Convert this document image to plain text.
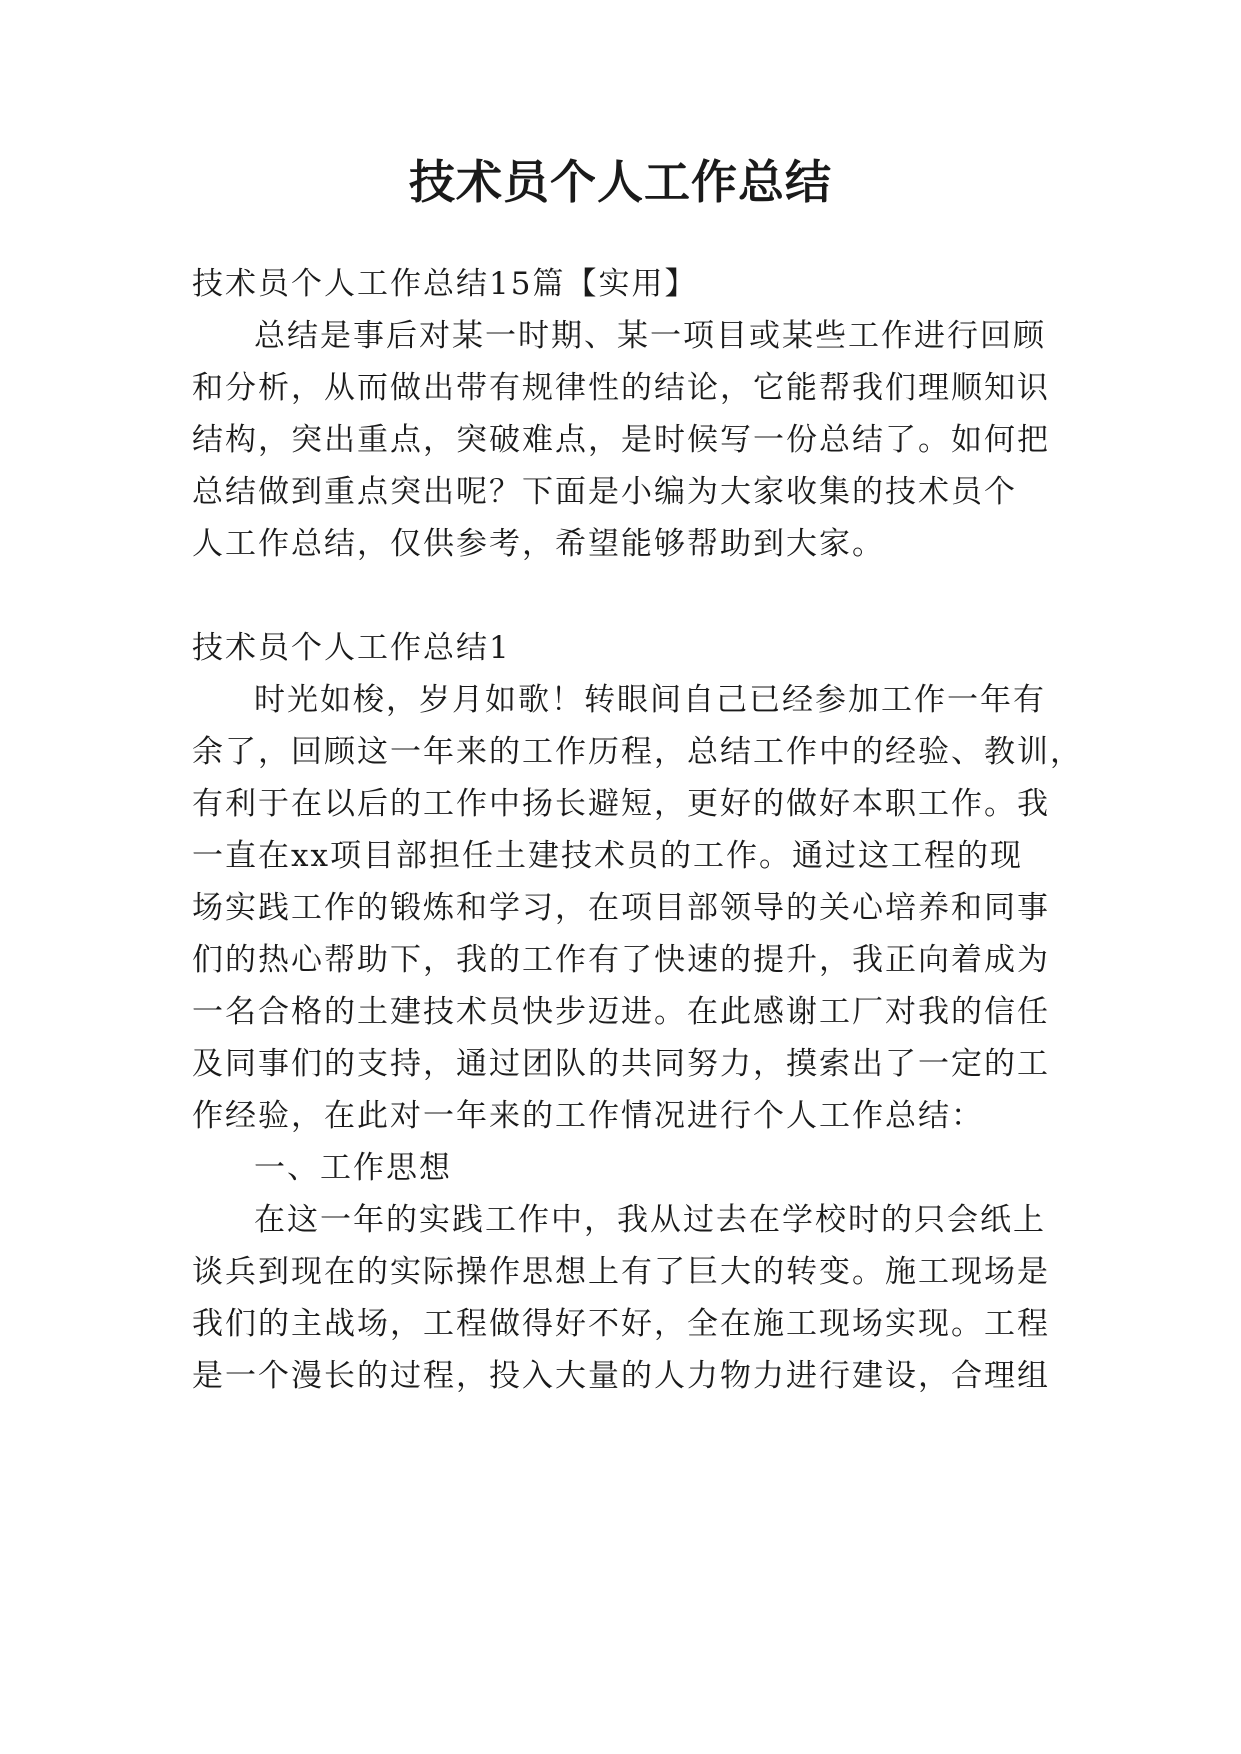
技术员个人工作总结
技术员个人工作总结15篇【实用】
总结是事后对某一时期、某一项目或某些工作进行回顾
和分析，从而做出带有规律性的结论，它能帮我们理顺知识
结构，突出重点，突破难点，是时候写一份总结了。如何把
总结做到重点突出呢？下面是小编为大家收集的技术员个
人工作总结，仅供参考，希望能够帮助到大家。
技术员个人工作总结1
时光如梭，岁月如歌！转眼间自己已经参加工作一年有
余了，回顾这一年来的工作历程，总结工作中的经验、教训，
有利于在以后的工作中扬长避短，更好的做好本职工作。我
一直在xx项目部担任土建技术员的工作。通过这工程的现
场实践工作的锻炼和学习，在项目部领导的关心培养和同事
们的热心帮助下，我的工作有了快速的提升，我正向着成为
一名合格的土建技术员快步迈进。在此感谢工厂对我的信任
及同事们的支持，通过团队的共同努力，摸索出了一定的工
作经验，在此对一年来的工作情况进行个人工作总结：
一、工作思想
在这一年的实践工作中，我从过去在学校时的只会纸上
谈兵到现在的实际操作思想上有了巨大的转变。施工现场是
我们的主战场，工程做得好不好，全在施工现场实现。工程
是一个漫长的过程，投入大量的人力物力进行建设，合理组
